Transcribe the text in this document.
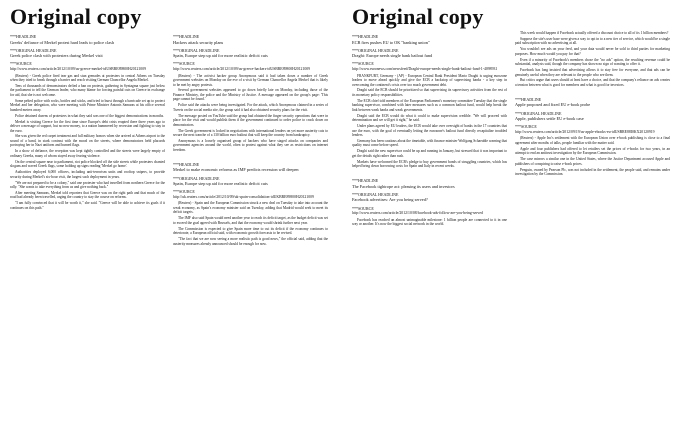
Original copy

***HEADLINE

Greeks' defiance of Merkel protest hard leads to police clash

***ORIGINAL HEADLINE

Greek police clash with protesters during Merkel visit

***SOURCE

http://www.reuters.com/article/2012/10/09/us-greece-merkel-idUSBRE89800H20121009

(Reuters) - Greek police fired tear gas and stun grenades at protesters in central Athens on Tuesday when they tried to break through a barrier and reach visiting German Chancellor Angela Merkel.

Tens of thousands of demonstrators defied a ban on protests, gathering in Syntagma square just below the parliament to tell the German leader, who many blame for forcing painful cuts on Greece in exchange for aid, that she is not welcome.

Some pelted police with rocks, bottles and sticks, and tried to burst through a barricade set up to protect Merkel and her delegation, who were meeting with Prime Minister Antonis Samaras at his office several hundred meters away.

Police detained dozens of protesters in what they said was one of the biggest demonstrations in months.

Merkel is visiting Greece for the first time since Europe's debt crisis erupted there three years ago to deliver a message of support, but no new money, to a nation hammered by recession and fighting to stay in the euro.

She was given the red carpet treatment and full military honors when she arrived at Athens airport to the sound of a band, in stark contrast with the mood on the streets, where demonstrators held placards portraying her in Nazi uniform and burned flags.

In a show of defiance, the reception was kept tightly controlled and the streets were largely empty of ordinary Greeks, many of whom stayed away fearing violence.

On the central square near to parliament, riot police blocked off the side streets while protesters chanted slogans and waved Greek flags, some holding up signs reading 'Merkel go home'.

Authorities deployed 6,000 officers, including anti-terrorism units and rooftop snipers, to provide security during Merkel's six-hour visit, the largest such deployment in years.

"We are not prepared to be a colony," said one protester who had travelled from northern Greece for the rally. "She wants to take everything from us and give nothing back."

After meeting Samaras, Merkel told reporters that Greece was on the right path and that much of the road had already been travelled, urging the country to stay the course on reforms.

"I am fully convinced that it will be worth it," she said. "Greece will be able to achieve its goals if it continues on this path."

***HEADLINE

Hackers attack security plans

***ORIGINAL HEADLINE

Spain, Europe step up aid for more realistic deficit cuts

***SOURCE

http://www.reuters.com/article/2012/10/09/us-greece-hackers-idUSBRE89800H20121009

(Reuters) - The activist hacker group Anonymous said it had taken down a number of Greek government websites on Monday on the eve of a visit by German Chancellor Angela Merkel that is likely to be met by angry protests.

Several government websites appeared to go down briefly late on Monday, including those of the Finance Ministry, the police and the Ministry of Justice. A message appeared on the group's page: 'This page cannot be found.'

Police said the attacks were being investigated. For the attack, which Anonymous claimed in a series of Tweets on the social media site, the group said it had also obtained security plans for the visit.

The message posted on YouTube said the group had obtained the finger security operations that were in place for the visit and would publish them if the government continued to order police to crack down on demonstrators.

The Greek government is locked in negotiations with international lenders on yet more austerity cuts to secure the next tranche of a 130 billion euro bailout that will keep the country from bankruptcy.

Anonymous is a loosely organised group of hackers who have staged attacks on companies and government agencies around the world, often to protest against what they see as restrictions on internet freedom.

***HEADLINE

Merkel to make economic reforms as IMF predicts recession will deepen

***ORIGINAL HEADLINE

Spain, Europe step up aid for more realistic deficit cuts

***SOURCE

http://uk.reuters.com/article/2012/10/09/uk-spain-consolidation-idUKBRE89800H20121009

(Reuters) - Spain and the European Commission struck a new deal on Tuesday to take into account the weak economy, as Spain's economy minister said on Tuesday, adding that Madrid would seek to meet its deficit targets.

The IMF also said Spain would need another year to reach its deficit target, as the budget deficit was set to exceed the goal agreed with Brussels, and that the economy would shrink further next year.

The Commission is expected to give Spain more time to cut its deficit if the economy continues to deteriorate, a European official said, with economic growth forecasts to be revised.

"The fact that we are now seeing a more realistic path is good news," the official said, adding that the austerity measures already announced should be enough for now.

Original copy

***HEADLINE

ECB fires pushes EU to OK "banking union"

***ORIGINAL HEADLINE

Draghi: Europe needs single bank bailout fund

***SOURCE

http://www.euronews.com/newsfeed/Draghi-europe-needs-single-bank-bailout-fund-1-4098931

FRANKFURT, Germany - (AP) - European Central Bank President Mario Draghi is urging eurozone leaders to move ahead quickly and give the ECB a backstop of supervising banks - a key step in overcoming the continent's crisis over too much government debt.

Draghi said the ECB should be prioritized so that supervising its supervisory activities from the rest of its monetary policy responsibilities.

The ECB chief told members of the European Parliament's monetary committee Tuesday that the single banking supervisor, combined with later measures such as a common bailout fund, would help break the link between weak banks and weak governments.

Draghi said the ECB would do what it could to make supervision credible. "We will proceed with determination and we will get it right," he said.

Under plans agreed by EU leaders, the ECB would take over oversight of banks in the 17 countries that use the euro, with the goal of eventually letting the eurozone's bailout fund directly recapitalize troubled lenders.

Germany has been cautious about the timetable, with finance minister Wolfgang Schaeuble warning that quality must come before speed.

Draghi said the new supervisor could be up and running in January, but stressed that it was important to get the details right rather than rush.

Markets have welcomed the ECB's pledge to buy government bonds of struggling countries, which has helped bring down borrowing costs for Spain and Italy in recent weeks.

***HEADLINE

The Facebook tightrope act: pleasing its users and investors

***ORIGINAL HEADLINE

Facebook advertises: Are you being served?

***SOURCE

http://www.reuters.com/article/2012/10/08/facebook-ads-follow-are-you-being-served

Facebook has reached an almost unimaginable milestone: 1 billion people are connected to it in one way or another. It's now the biggest social network in the world.

This week would happen if Facebook actually offered a discount choice to all of its 1 billion members?

Suppose the site's user base were given a way to opt in to a new tier of service, which would be a single paid subscription with no advertising at all.

You wouldn't see ads on your feed, and your data would never be sold to third parties for marketing purposes. How much would you pay for that?

Even if a minority of Facebook's members chose the "no ads" option, the resulting revenue could be substantial, analysts said, though the company has shown no sign of wanting to offer it.

Facebook has long insisted that advertising allows it to stay free for everyone, and that ads can be genuinely useful when they are relevant to the people who see them.

But critics argue that users should at least have a choice, and that the company's reliance on ads creates a tension between what is good for members and what is good for investors.

***HEADLINE

Apple proposed and fixed EU e-book probe

***ORIGINAL HEADLINE

Apple, publishers settle EU e-book case

***SOURCE

http://www.reuters.com/article/2012/09/19/us-apple-ebooks-eu-idUSBRE88I0KX20120919

(Reuters) - Apple Inc's settlement with the European Union over e-book publishing is close to a final agreement after months of talks, people familiar with the matter said.

Apple and four publishers had offered to let retailers set the prices of e-books for two years, in an attempt to end an antitrust investigation by the European Commission.

The case mirrors a similar one in the United States, where the Justice Department accused Apple and publishers of conspiring to raise e-book prices.

Penguin, owned by Pearson Plc, was not included in the settlement, the people said, and remains under investigation by the Commission.
